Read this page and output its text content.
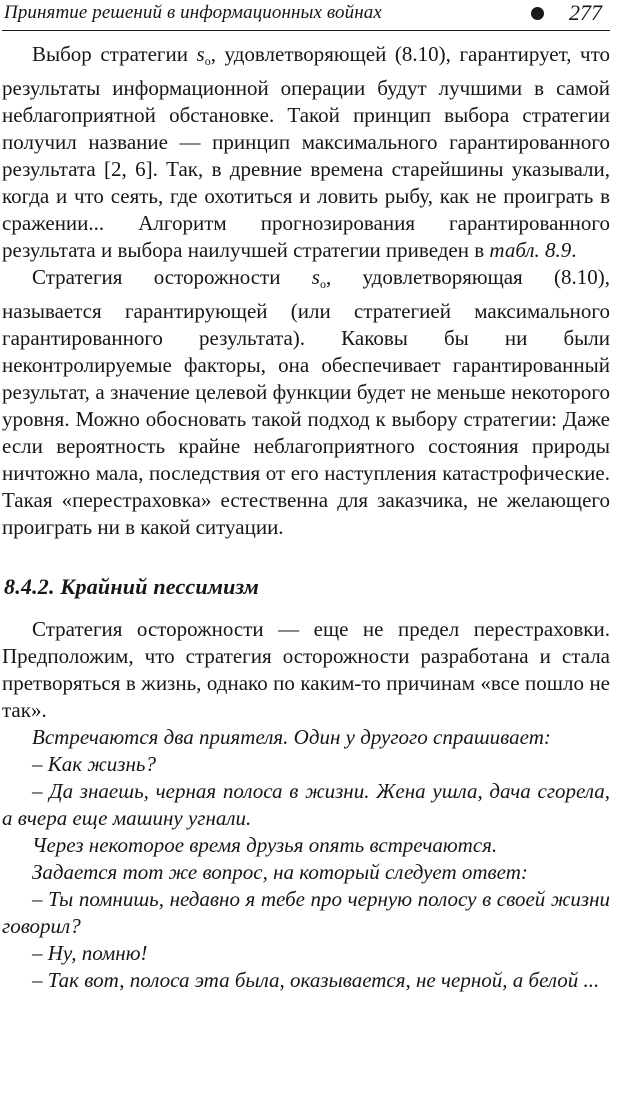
Принятие решений в информационных войнах	277

Выбор стратегии $s_o$, удовлетворяющей (8.10), гарантирует, что результаты информационной операции будут лучшими в самой неблагоприятной обстановке. Такой принцип выбора стратегии получил название — принцип максимального гарантированного результата [2, 6]. Так, в древние времена старейшины указывали, когда и что сеять, где охотиться и ловить рыбу, как не проиграть в сражении... Алгоритм прогнозирования гарантированного результата и выбора наилучшей стратегии приведен в табл. 8.9.

Стратегия осторожности $s_o$, удовлетворяющая (8.10), называется гарантирующей (или стратегией максимального гарантированного результата). Каковы бы ни были неконтролируемые факторы, она обеспечивает гарантированный результат, а значение целевой функции будет не меньше некоторого уровня. Можно обосновать такой подход к выбору стратегии: Даже если вероятность крайне неблагоприятного состояния природы ничтожно мала, последствия от его наступления катастрофические. Такая «перестраховка» естественна для заказчика, не желающего проиграть ни в какой ситуации.

8.4.2. Крайний пессимизм

Стратегия осторожности — еще не предел перестраховки. Предположим, что стратегия осторожности разработана и стала претворяться в жизнь, однако по каким-то причинам «все пошло не так».

Встречаются два приятеля. Один у другого спрашивает:

– Как жизнь?

– Да знаешь, черная полоса в жизни. Жена ушла, дача сгорела, а вчера еще машину угнали.

Через некоторое время друзья опять встречаются.

Задается тот же вопрос, на который следует ответ:

– Ты помнишь, недавно я тебе про черную полосу в своей жизни говорил?

– Ну, помню!

– Так вот, полоса эта была, оказывается, не черной, а белой ...
